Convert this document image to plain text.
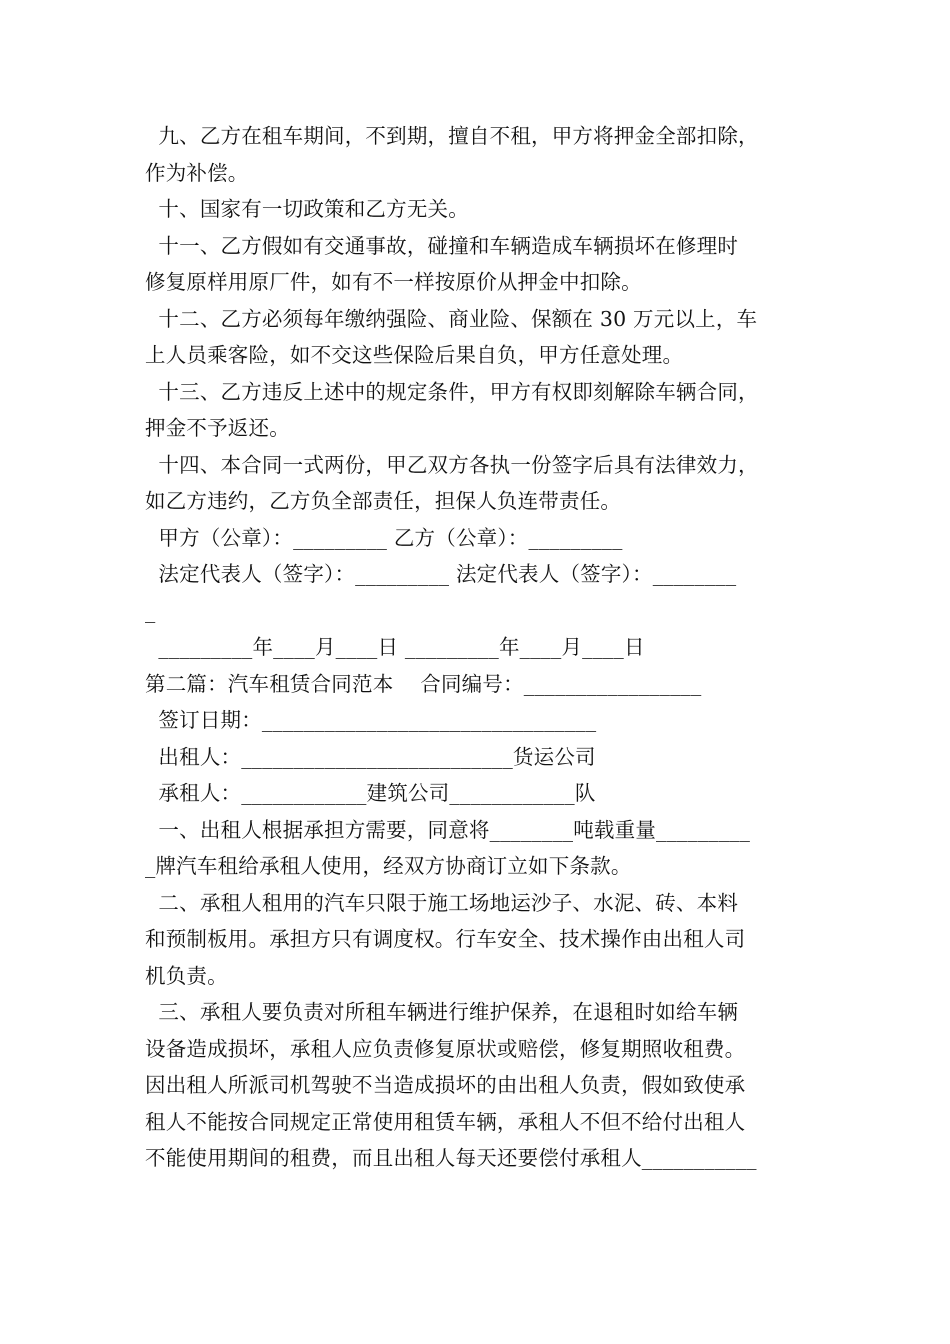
九、乙方在租车期间，不到期，擅自不租，甲方将押金全部扣除，
作为补偿。
十、国家有一切政策和乙方无关。
十一、乙方假如有交通事故，碰撞和车辆造成车辆损坏在修理时
修复原样用原厂件，如有不一样按原价从押金中扣除。
十二、乙方必须每年缴纳强险、商业险、保额在 30 万元以上，车
上人员乘客险，如不交这些保险后果自负，甲方任意处理。
十三、乙方违反上述中的规定条件，甲方有权即刻解除车辆合同，
押金不予返还。
十四、本合同一式两份，甲乙双方各执一份签字后具有法律效力，
如乙方违约，乙方负全部责任，担保人负连带责任。
甲方（公章）：_________ 乙方（公章）：_________
法定代表人（签字）：_________ 法定代表人（签字）：________
_
_________年____月____日 _________年____月____日
第二篇：汽车租赁合同范本    合同编号：_________________
签订日期：________________________________
出租人：__________________________货运公司
承租人：____________建筑公司____________队
一、出租人根据承担方需要，同意将________吨载重量_________
_牌汽车租给承租人使用，经双方协商订立如下条款。
二、承租人租用的汽车只限于施工场地运沙子、水泥、砖、本料
和预制板用。承担方只有调度权。行车安全、技术操作由出租人司
机负责。
三、承租人要负责对所租车辆进行维护保养，在退租时如给车辆
设备造成损坏，承租人应负责修复原状或赔偿，修复期照收租费。
因出租人所派司机驾驶不当造成损坏的由出租人负责，假如致使承
租人不能按合同规定正常使用租赁车辆，承租人不但不给付出租人
不能使用期间的租费，而且出租人每天还要偿付承租人___________
